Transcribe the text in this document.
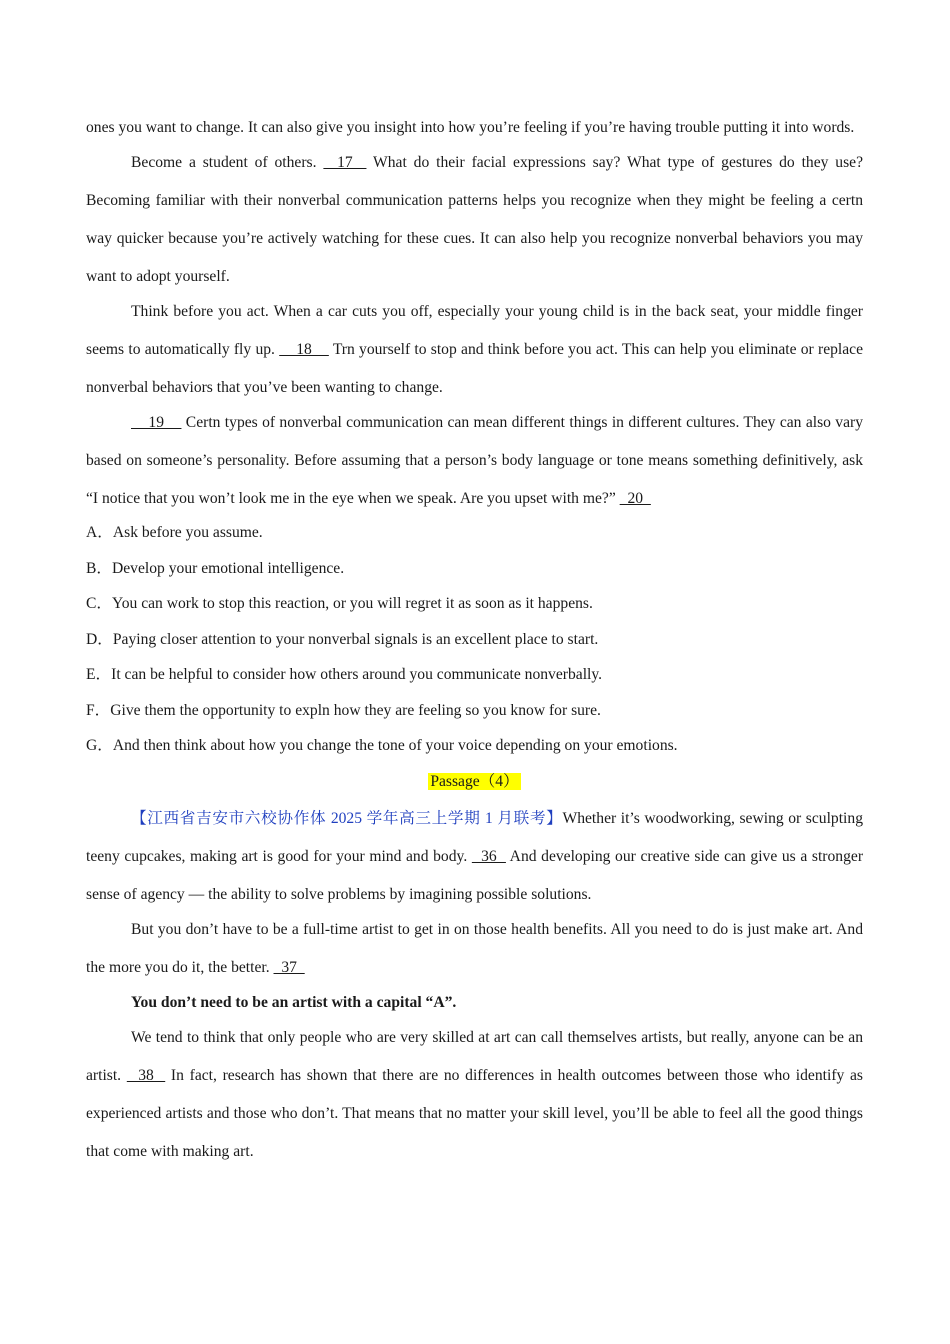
ones you want to change. It can also give you insight into how you’re feeling if you’re having trouble putting it into words.

Become a student of others.   17   What do their facial expressions say? What type of gestures do they use? Becoming familiar with their nonverbal communication patterns helps you recognize when they might be feeling a certn way quicker because you’re actively watching for these cues. It can also help you recognize nonverbal behaviors you may want to adopt yourself.

Think before you act. When a car cuts you off, especially your young child is in the back seat, your middle finger seems to automatically fly up.     18     Trn yourself to stop and think before you act. This can help you eliminate or replace nonverbal behaviors that you’ve been wanting to change.

19     Certn types of nonverbal communication can mean different things in different cultures. They can also vary based on someone’s personality. Before assuming that a person’s body language or tone means something definitively, ask “I notice that you won’t look me in the eye when we speak. Are you upset with me?”   20

A．Ask before you assume.

B．Develop your emotional intelligence.

C．You can work to stop this reaction, or you will regret it as soon as it happens.

D．Paying closer attention to your nonverbal signals is an excellent place to start.

E．It can be helpful to consider how others around you communicate nonverbally.

F．Give them the opportunity to expln how they are feeling so you know for sure.

G．And then think about how you change the tone of your voice depending on your emotions.

Passage（4）

【江西省吉安市六校协作体 2025 学年高三上学期 1 月联考】Whether it’s woodworking, sewing or sculpting teeny cupcakes, making art is good for your mind and body.   36   And developing our creative side can give us a stronger sense of agency — the ability to solve problems by imagining possible solutions.

But you don’t have to be a full-time artist to get in on those health benefits. All you need to do is just make art. And the more you do it, the better.   37

You don’t need to be an artist with a capital “A”.

We tend to think that only people who are very skilled at art can call themselves artists, but really, anyone can be an artist.   38   In fact, research has shown that there are no differences in health outcomes between those who identify as experienced artists and those who don’t. That means that no matter your skill level, you’ll be able to feel all the good things that come with making art.
